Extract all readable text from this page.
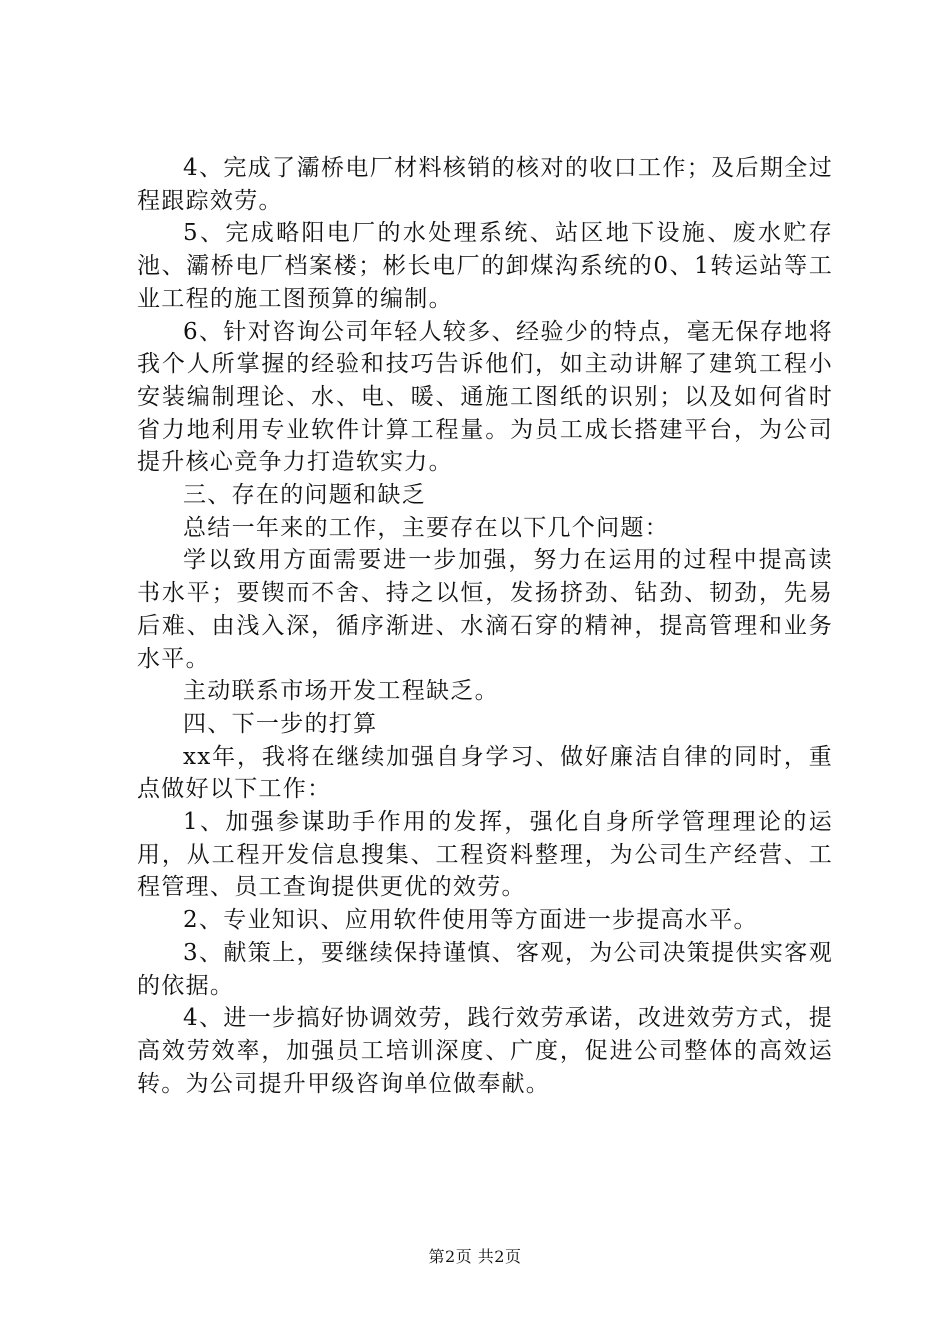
4、完成了灞桥电厂材料核销的核对的收口工作；及后期全过程跟踪效劳。

5、完成略阳电厂的水处理系统、站区地下设施、废水贮存池、灞桥电厂档案楼；彬长电厂的卸煤沟系统的0、1转运站等工业工程的施工图预算的编制。

6、针对咨询公司年轻人较多、经验少的特点，毫无保存地将我个人所掌握的经验和技巧告诉他们，如主动讲解了建筑工程小安装编制理论、水、电、暖、通施工图纸的识别；以及如何省时省力地利用专业软件计算工程量。为员工成长搭建平台，为公司提升核心竞争力打造软实力。

三、存在的问题和缺乏

总结一年来的工作，主要存在以下几个问题：

学以致用方面需要进一步加强，努力在运用的过程中提高读书水平；要锲而不舍、持之以恒，发扬挤劲、钻劲、韧劲，先易后难、由浅入深，循序渐进、水滴石穿的精神，提高管理和业务水平。

主动联系市场开发工程缺乏。

四、下一步的打算

xx年，我将在继续加强自身学习、做好廉洁自律的同时，重点做好以下工作：

1、加强参谋助手作用的发挥，强化自身所学管理理论的运用，从工程开发信息搜集、工程资料整理，为公司生产经营、工程管理、员工查询提供更优的效劳。

2、专业知识、应用软件使用等方面进一步提高水平。

3、献策上，要继续保持谨慎、客观，为公司决策提供实客观的依据。

4、进一步搞好协调效劳，践行效劳承诺，改进效劳方式，提高效劳效率，加强员工培训深度、广度，促进公司整体的高效运转。为公司提升甲级咨询单位做奉献。

第2页 共2页
